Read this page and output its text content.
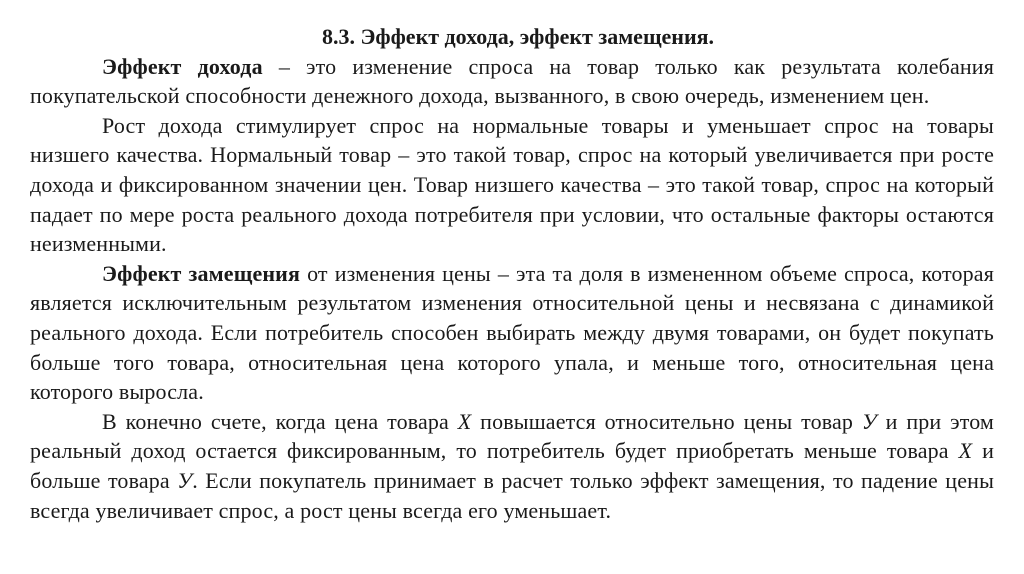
8.3. Эффект дохода, эффект замещения.

Эффект дохода – это изменение спроса на товар только как результата колебания покупательской способности денежного дохода, вызванного, в свою очередь, изменением цен.

Рост дохода стимулирует спрос на нормальные товары и уменьшает спрос на товары низшего качества. Нормальный товар – это такой товар, спрос на который увеличивается при росте дохода и фиксированном значении цен. Товар низшего качества – это такой товар, спрос на который падает по мере роста реального дохода потребителя при условии, что остальные факторы остаются неизменными.

Эффект замещения от изменения цены – эта та доля в измененном объеме спроса, которая является исключительным результатом изменения относительной цены и несвязана с динамикой реального дохода. Если потребитель способен выбирать между двумя товарами, он будет покупать больше того товара, относительная цена которого упала, и меньше того, относительная цена которого выросла.

В конечно счете, когда цена товара X повышается относительно цены товар У и при этом реальный доход остается фиксированным, то потребитель будет приобретать меньше товара X и больше товара У. Если покупатель принимает в расчет только эффект замещения, то падение цены всегда увеличивает спрос, а рост цены всегда его уменьшает.
